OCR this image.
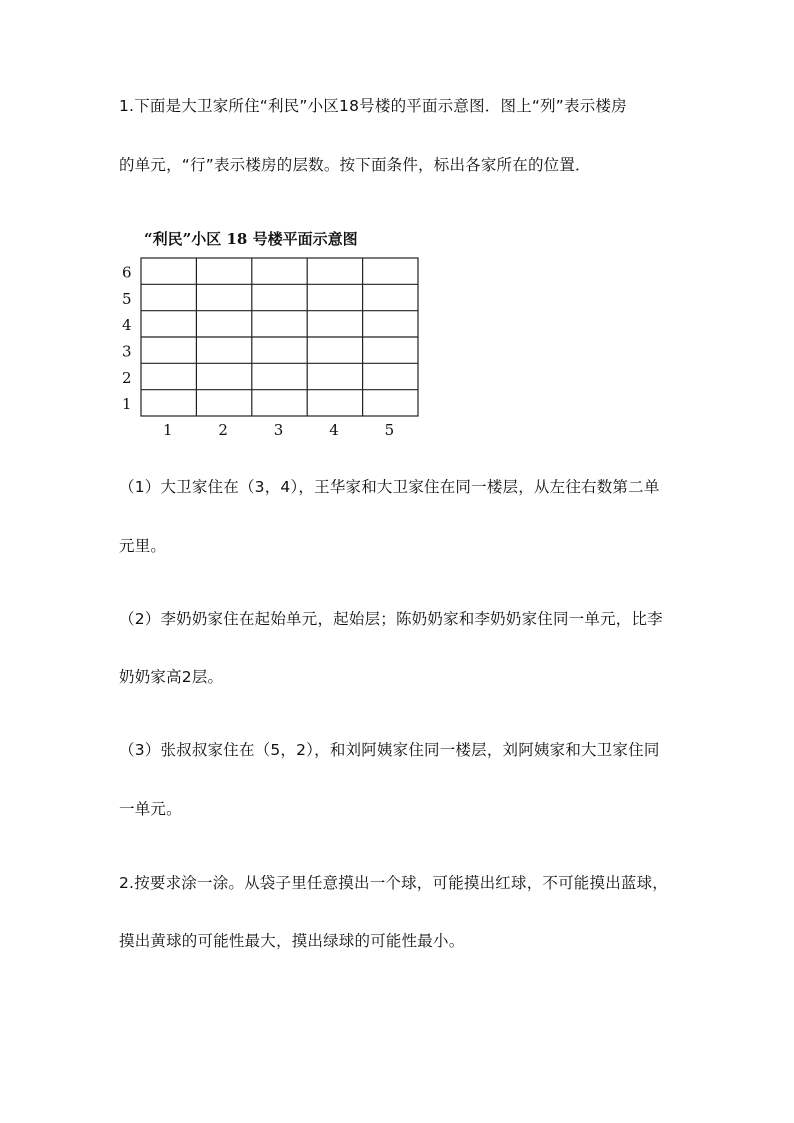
1.下面是大卫家所住“利民”小区18号楼的平面示意图．图上“列”表示楼房
的单元，“行”表示楼房的层数。按下面条件，标出各家所在的位置．
“利民”小区 18 号楼平面示意图
6
5
4
3
2
1
1	2	3	4	5
（1）大卫家住在（3，4），王华家和大卫家住在同一楼层，从左往右数第二单
元里。
（2）李奶奶家住在起始单元，起始层；陈奶奶家和李奶奶家住同一单元，比李
奶奶家高2层。
（3）张叔叔家住在（5，2），和刘阿姨家住同一楼层，刘阿姨家和大卫家住同
一单元。
2.按要求涂一涂。从袋子里任意摸出一个球，可能摸出红球，不可能摸出蓝球，
摸出黄球的可能性最大，摸出绿球的可能性最小。
